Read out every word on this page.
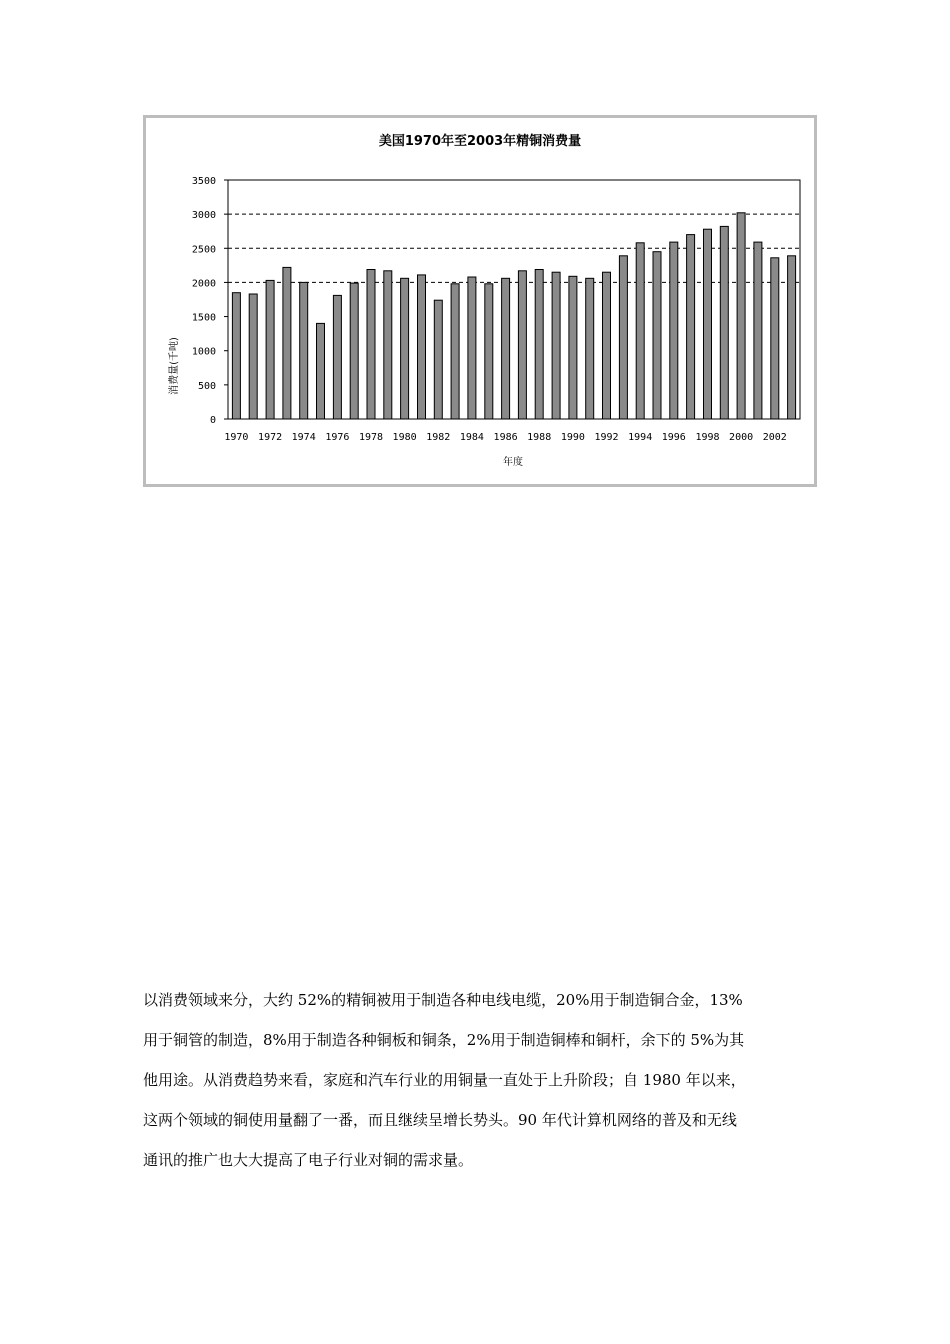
美国1970年至2003年精铜消费量
0
500
1000
1500
2000
2500
3000
3500
1970 1972 1974 1976 1978 1980 1982 1984 1986 1988 1990 1992 1994 1996 1998 2000 2002
年度
消费量(千吨)

以消费领域来分，大约 52%的精铜被用于制造各种电线电缆，20%用于制造铜合金，13%

用于铜管的制造，8%用于制造各种铜板和铜条，2%用于制造铜棒和铜杆，余下的 5%为其

他用途。从消费趋势来看，家庭和汽车行业的用铜量一直处于上升阶段；自 1980 年以来，

这两个领域的铜使用量翻了一番，而且继续呈增长势头。90 年代计算机网络的普及和无线

通讯的推广也大大提高了电子行业对铜的需求量。
